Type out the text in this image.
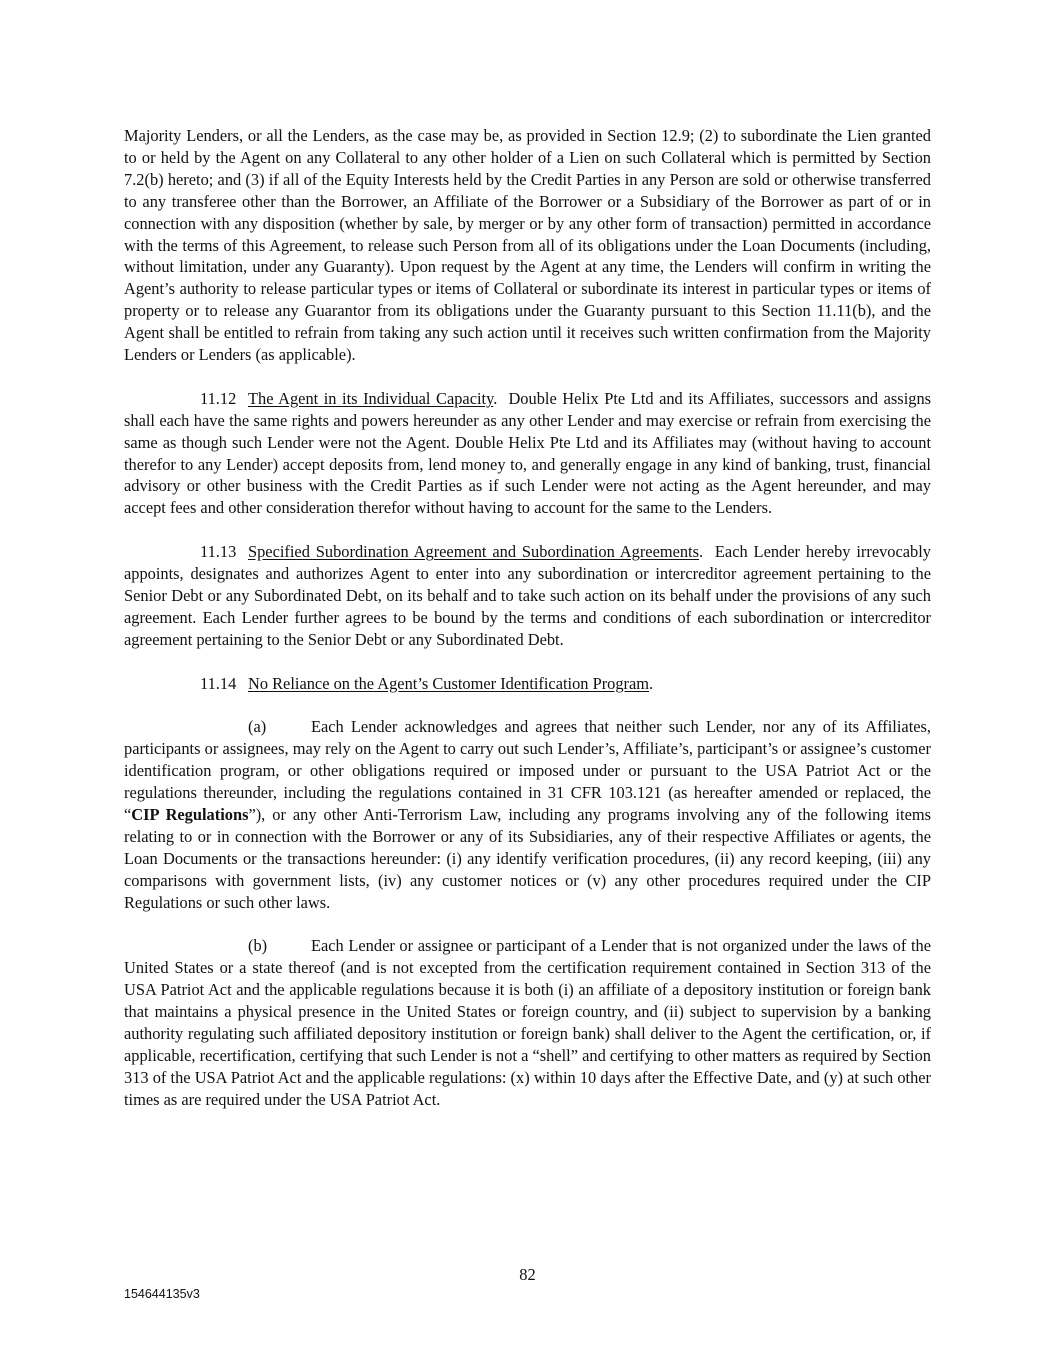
Majority Lenders, or all the Lenders, as the case may be, as provided in Section 12.9; (2) to subordinate the Lien granted to or held by the Agent on any Collateral to any other holder of a Lien on such Collateral which is permitted by Section 7.2(b) hereto; and (3) if all of the Equity Interests held by the Credit Parties in any Person are sold or otherwise transferred to any transferee other than the Borrower, an Affiliate of the Borrower or a Subsidiary of the Borrower as part of or in connection with any disposition (whether by sale, by merger or by any other form of transaction) permitted in accordance with the terms of this Agreement, to release such Person from all of its obligations under the Loan Documents (including, without limitation, under any Guaranty). Upon request by the Agent at any time, the Lenders will confirm in writing the Agent’s authority to release particular types or items of Collateral or subordinate its interest in particular types or items of property or to release any Guarantor from its obligations under the Guaranty pursuant to this Section 11.11(b), and the Agent shall be entitled to refrain from taking any such action until it receives such written confirmation from the Majority Lenders or Lenders (as applicable).

11.12 The Agent in its Individual Capacity. Double Helix Pte Ltd and its Affiliates, successors and assigns shall each have the same rights and powers hereunder as any other Lender and may exercise or refrain from exercising the same as though such Lender were not the Agent. Double Helix Pte Ltd and its Affiliates may (without having to account therefor to any Lender) accept deposits from, lend money to, and generally engage in any kind of banking, trust, financial advisory or other business with the Credit Parties as if such Lender were not acting as the Agent hereunder, and may accept fees and other consideration therefor without having to account for the same to the Lenders.

11.13 Specified Subordination Agreement and Subordination Agreements. Each Lender hereby irrevocably appoints, designates and authorizes Agent to enter into any subordination or intercreditor agreement pertaining to the Senior Debt or any Subordinated Debt, on its behalf and to take such action on its behalf under the provisions of any such agreement. Each Lender further agrees to be bound by the terms and conditions of each subordination or intercreditor agreement pertaining to the Senior Debt or any Subordinated Debt.

11.14 No Reliance on the Agent’s Customer Identification Program.

(a)	Each Lender acknowledges and agrees that neither such Lender, nor any of its Affiliates, participants or assignees, may rely on the Agent to carry out such Lender’s, Affiliate’s, participant’s or assignee’s customer identification program, or other obligations required or imposed under or pursuant to the USA Patriot Act or the regulations thereunder, including the regulations contained in 31 CFR 103.121 (as hereafter amended or replaced, the “CIP Regulations”), or any other Anti-Terrorism Law, including any programs involving any of the following items relating to or in connection with the Borrower or any of its Subsidiaries, any of their respective Affiliates or agents, the Loan Documents or the transactions hereunder: (i) any identify verification procedures, (ii) any record keeping, (iii) any comparisons with government lists, (iv) any customer notices or (v) any other procedures required under the CIP Regulations or such other laws.

(b)	Each Lender or assignee or participant of a Lender that is not organized under the laws of the United States or a state thereof (and is not excepted from the certification requirement contained in Section 313 of the USA Patriot Act and the applicable regulations because it is both (i) an affiliate of a depository institution or foreign bank that maintains a physical presence in the United States or foreign country, and (ii) subject to supervision by a banking authority regulating such affiliated depository institution or foreign bank) shall deliver to the Agent the certification, or, if applicable, recertification, certifying that such Lender is not a “shell” and certifying to other matters as required by Section 313 of the USA Patriot Act and the applicable regulations: (x) within 10 days after the Effective Date, and (y) at such other times as are required under the USA Patriot Act.

82
154644135v3
